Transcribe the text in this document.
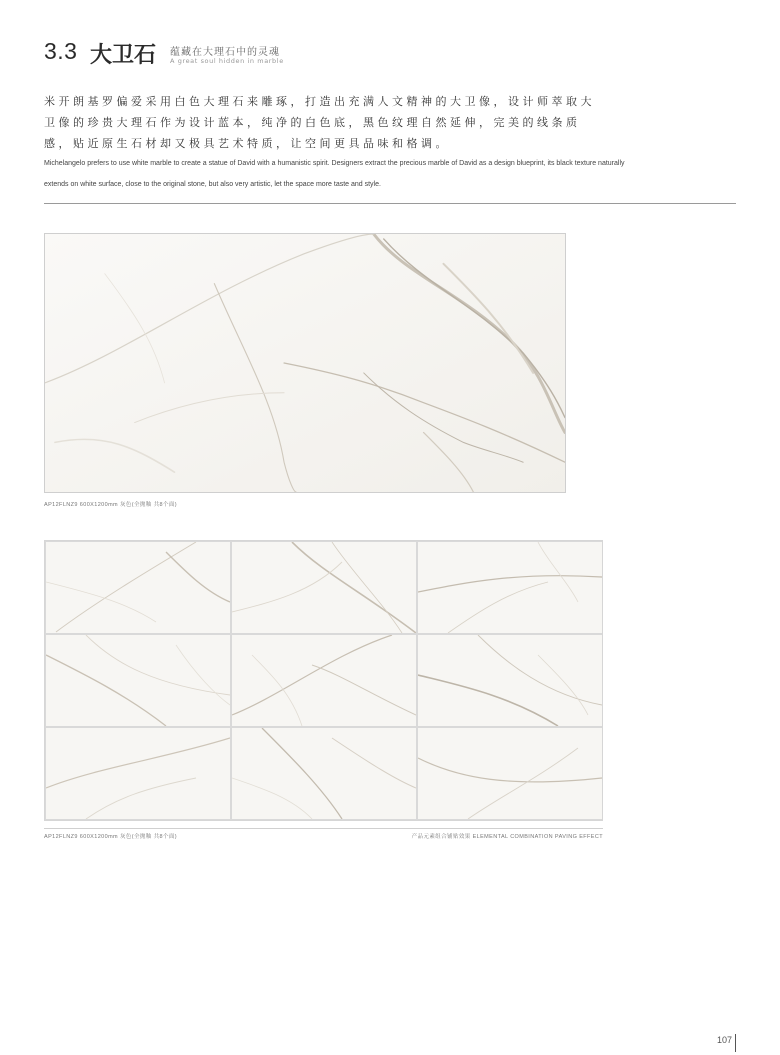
3.3 大卫石 蕴藏在大理石中的灵魂
A great soul hidden in marble

米开朗基罗偏爱采用白色大理石来雕琢，打造出充满人文精神的大卫像，设计师萃取大卫像的珍贵大理石作为设计蓝本，纯净的白色底，黑色纹理自然延伸，完美的线条质感，贴近原生石材却又极具艺术特质，让空间更具品味和格调。

Michelangelo prefers to use white marble to create a statue of David with a humanistic spirit. Designers extract the precious marble of David as a design blueprint, its black texture naturally extends on white surface, close to the original stone, but also very artistic, let the space more taste and style.

AP12FLNZ9 600X1200mm 灰色(全抛釉 共8个面)
AP12FLNZ9 600X1200mm 灰色(全抛釉 共8个面)	产品元素组合铺贴效果 ELEMENTAL COMBINATION PAVING EFFECT
107
